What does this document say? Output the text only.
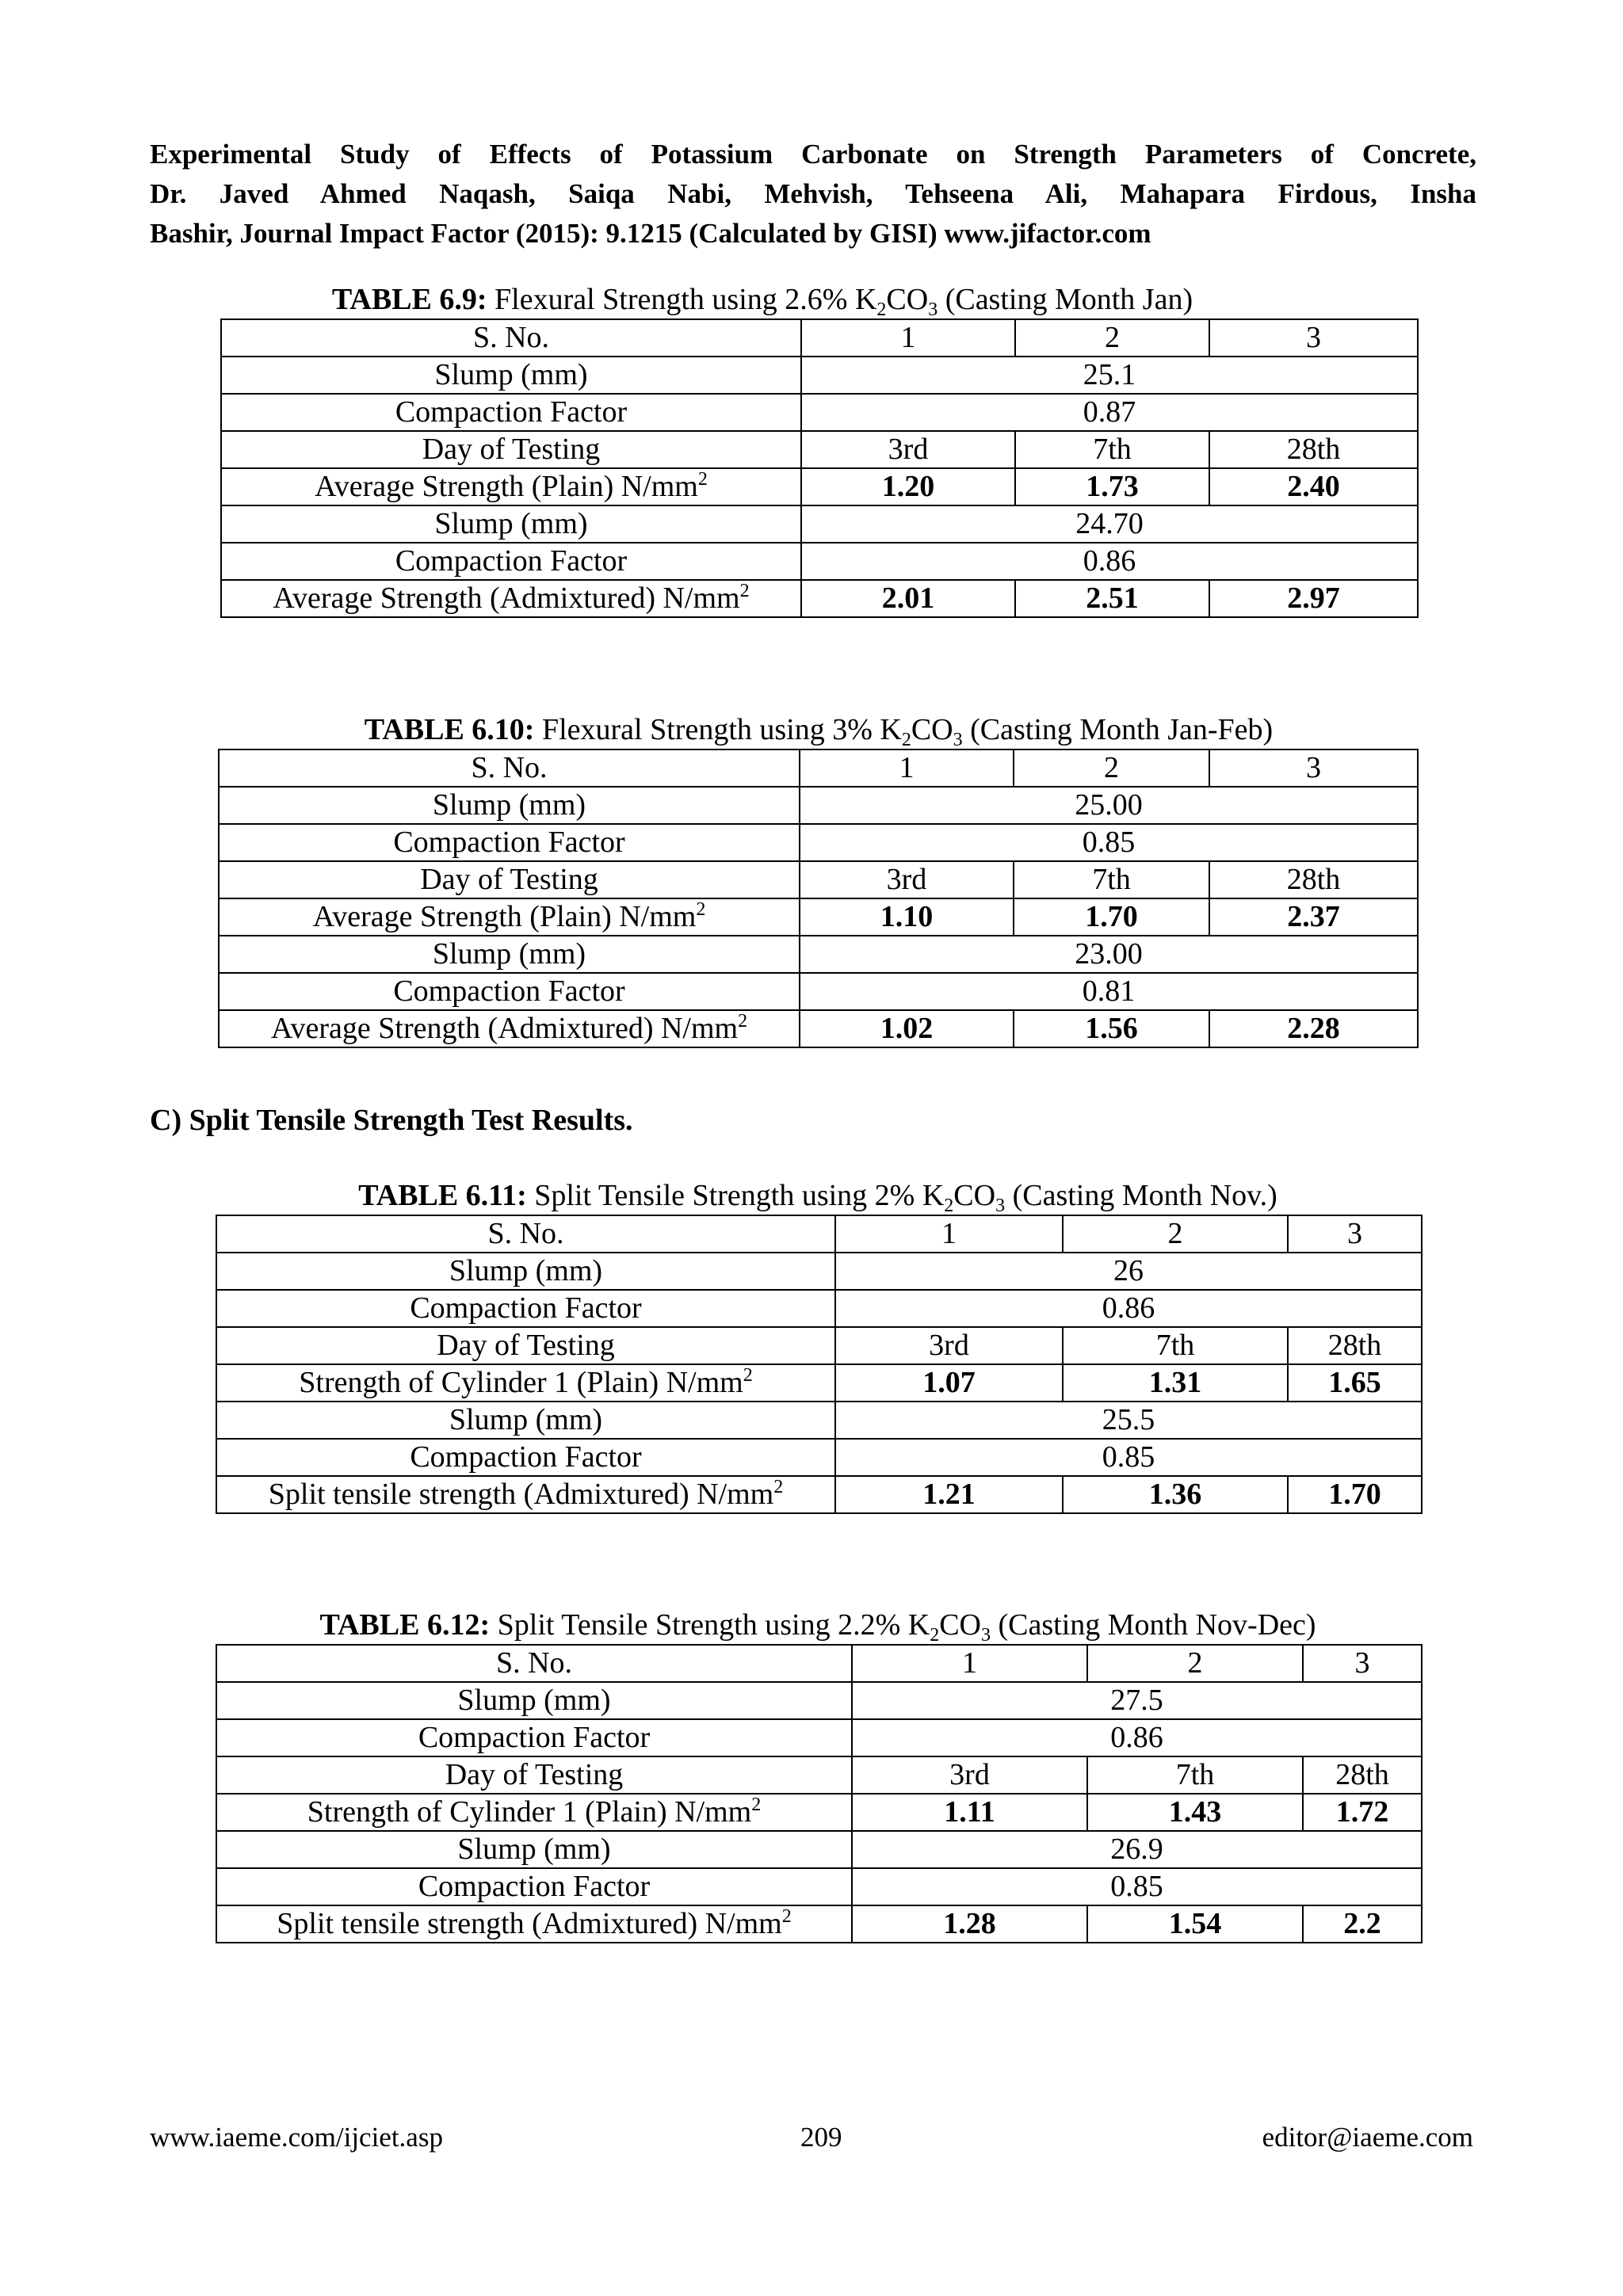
Experimental Study of Effects of Potassium Carbonate on Strength Parameters of Concrete,
Dr. Javed Ahmed Naqash, Saiqa Nabi, Mehvish, Tehseena Ali, Mahapara Firdous, Insha
Bashir, Journal Impact Factor (2015): 9.1215 (Calculated by GISI) www.jifactor.com
TABLE 6.9: Flexural Strength using 2.6% $K_2CO_3$ (Casting Month Jan)
S. No.	1	2	3
Slump (mm)	25.1		
Compaction Factor	0.87		
Day of Testing	3rd	7th	28th
Average Strength (Plain) $N/mm^2$	1.20	1.73	2.40
Slump (mm)	24.70		
Compaction Factor	0.86		
Average Strength (Admixtured) $N/mm^2$	2.01	2.51	2.97
TABLE 6.10: Flexural Strength using 3% $K_2CO_3$ (Casting Month Jan-Feb)
S. No.	1	2	3
Slump (mm)	25.00		
Compaction Factor	0.85		
Day of Testing	3rd	7th	28th
Average Strength (Plain) $N/mm^2$	1.10	1.70	2.37
Slump (mm)	23.00		
Compaction Factor	0.81		
Average Strength (Admixtured) $N/mm^2$	1.02	1.56	2.28
C) Split Tensile Strength Test Results.
TABLE 6.11: Split Tensile Strength using 2% $K_2CO_3$ (Casting Month Nov.)
S. No.	1	2	3
Slump (mm)	26		
Compaction Factor	0.86		
Day of Testing	3rd	7th	28th
Strength of Cylinder 1 (Plain) $N/mm^2$	1.07	1.31	1.65
Slump (mm)	25.5		
Compaction Factor	0.85		
Split tensile strength (Admixtured) $N/mm^2$	1.21	1.36	1.70
TABLE 6.12: Split Tensile Strength using 2.2% $K_2CO_3$ (Casting Month Nov-Dec)
S. No.	1	2	3
Slump (mm)	27.5		
Compaction Factor	0.86		
Day of Testing	3rd	7th	28th
Strength of Cylinder 1 (Plain) $N/mm^2$	1.11	1.43	1.72
Slump (mm)	26.9		
Compaction Factor	0.85		
Split tensile strength (Admixtured) $N/mm^2$	1.28	1.54	2.2
www.iaeme.com/ijciet.asp	209	editor@iaeme.com
